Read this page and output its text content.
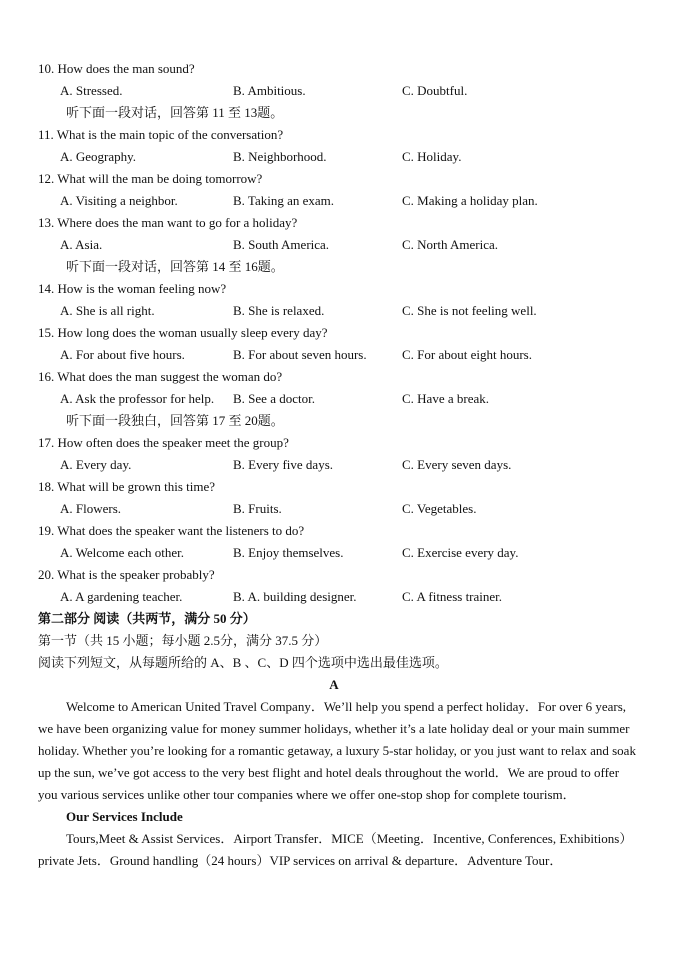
10. How does the man sound?
A. Stressed.	B. Ambitious.	C. Doubtful.
听下面一段对话，回答第 11 至 13题。
11. What is the main topic of the conversation?
A. Geography.	B. Neighborhood.	C. Holiday.
12. What will the man be doing tomorrow?
A. Visiting a neighbor.	B. Taking an exam.	C. Making a holiday plan.
13. Where does the man want to go for a holiday?
A. Asia.	B. South America.	C. North America.
听下面一段对话，回答第 14 至 16题。
14. How is the woman feeling now?
A. She is all right.	B. She is relaxed.	C. She is not feeling well.
15. How long does the woman usually sleep every day?
A. For about five hours.	B. For about seven hours.	C. For about eight hours.
16. What does the man suggest the woman do?
A. Ask the professor for help. B. See a doctor.	C. Have a break.
听下面一段独白，回答第 17 至 20题。
17. How often does the speaker meet the group?
A. Every day.	B. Every five days.	C. Every seven days.
18. What will be grown this time?
A. Flowers.	B. Fruits.	C. Vegetables.
19. What does the speaker want the listeners to do?
A. Welcome each other.	B. Enjoy themselves.	C. Exercise every day.
20. What is the speaker probably?
A. A gardening teacher.	B. A. building designer.	C. A fitness trainer.
第二部分 阅读（共两节，满分 50 分）
第一节（共 15 小题；每小题 2.5分，满分 37.5 分）
阅读下列短文，从每题所给的 A、B 、C、D 四个选项中选出最佳选项。
A

Welcome to American United Travel Company．We’ll help you spend a perfect holiday．For over 6 years, we have been organizing value for money summer holidays, whether it’s a late holiday deal or your main summer holiday. Whether you’re looking for a romantic getaway, a luxury 5-star holiday, or you just want to relax and soak up the sun, we’ve got access to the very best flight and hotel deals throughout the world．We are proud to offer you various services unlike other tour companies where we offer one-stop shop for complete tourism．

Our Services Include

Tours,Meet & Assist Services．Airport Transfer．MICE（Meeting．Incentive, Conferences, Exhibitions）private Jets．Ground handling（24 hours）VIP services on arrival & departure．Adventure Tour．
